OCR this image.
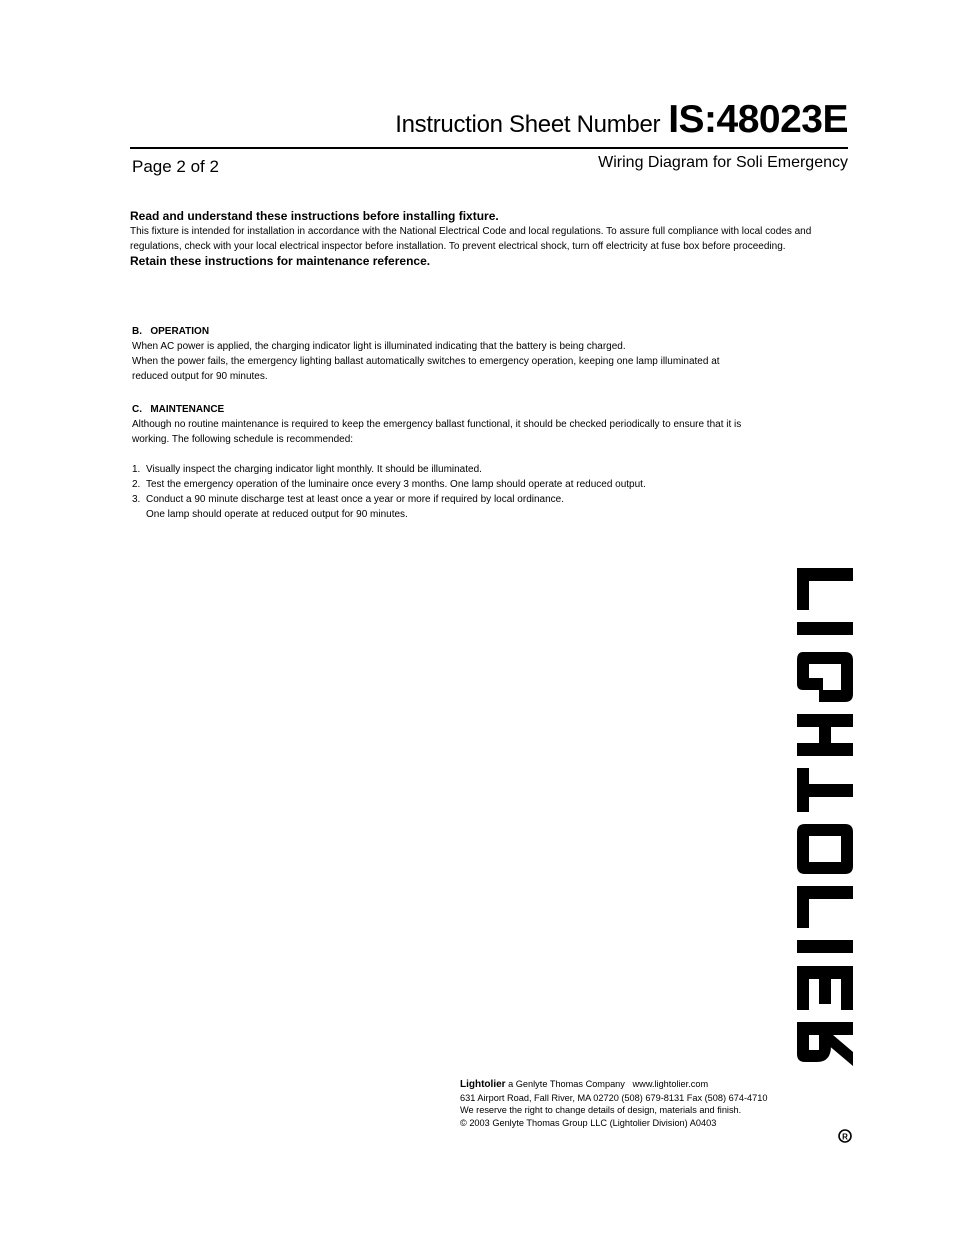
Instruction Sheet Number IS:48023E
Page 2 of 2	Wiring Diagram for Soli Emergency
Read and understand these instructions before installing fixture.
This fixture is intended for installation in accordance with the National Electrical Code and local regulations. To assure full compliance with local codes and regulations, check with your local electrical inspector before installation. To prevent electrical shock, turn off electricity at fuse box before proceeding.
Retain these instructions for maintenance reference.
B.   OPERATION
When AC power is applied, the charging indicator light is illuminated indicating that the battery is being charged.
When the power fails, the emergency lighting ballast automatically switches to emergency operation, keeping one lamp illuminated at
reduced output for 90 minutes.
C.   MAINTENANCE
Although no routine maintenance is required to keep the emergency ballast functional, it should be checked periodically to ensure that it is
working. The following schedule is recommended:
1. Visually inspect the charging indicator light monthly. It should be illuminated.
2. Test the emergency operation of the luminaire once every 3 months. One lamp should operate at reduced output.
3. Conduct a 90 minute discharge test at least once a year or more if required by local ordinance.
One lamp should operate at reduced output for 90 minutes.
Lightolier a Genlyte Thomas Company   www.lightolier.com
631 Airport Road, Fall River, MA 02720 (508) 679-8131 Fax (508) 674-4710
We reserve the right to change details of design, materials and finish.
© 2003 Genlyte Thomas Group LLC (Lightolier Division) A0403
R
